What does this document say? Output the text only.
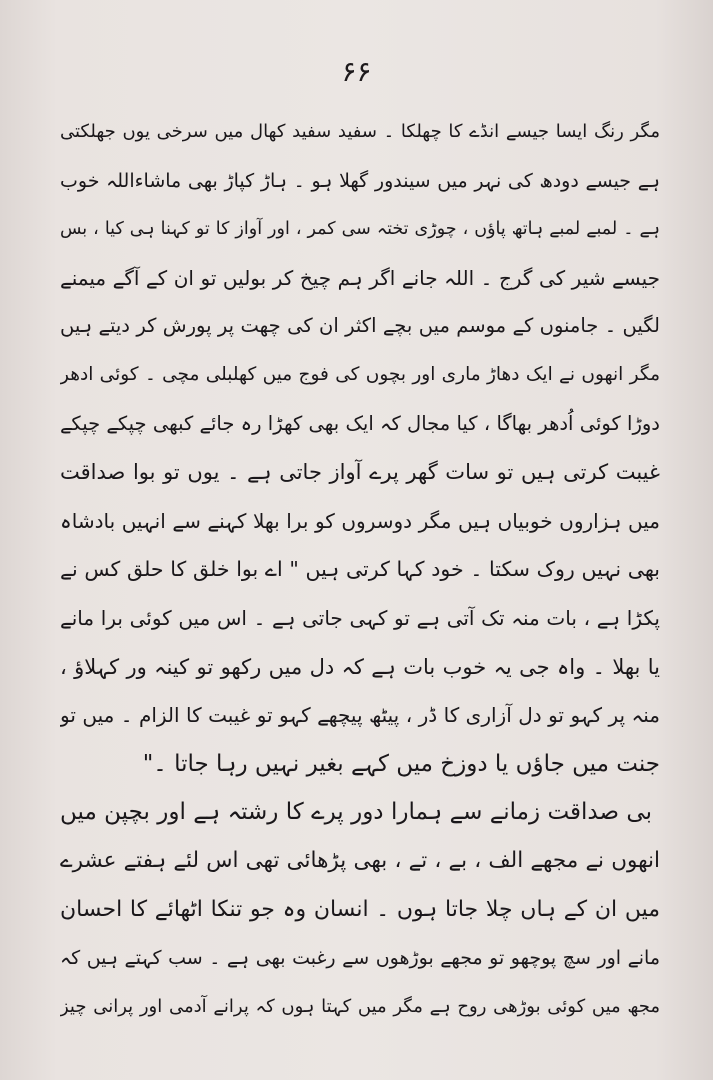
۶۶
مگر رنگ ایسا جیسے انڈے کا چھلکا ۔ سفید سفید کھال میں سرخی یوں جھلکتی
ہے جیسے دودھ کی نہر میں سیندور گھلا ہو ۔ ہاڑ کپاڑ بھی ماشاءاللہ خوب
ہے ۔ لمبے لمبے ہاتھ پاؤں ، چوڑی تختہ سی کمر ، اور آواز کا تو کہنا ہی کیا ، بس
جیسے شیر کی گرج ۔ اللہ جانے اگر ہم چیخ کر بولیں تو ان کے آگے میمنے
لگیں ۔ جامنوں کے موسم میں بچے اکثر ان کی چھت پر پورش کر دیتے ہیں
مگر انھوں نے ایک دھاڑ ماری اور بچوں کی فوج میں کھلبلی مچی ۔ کوئی ادھر
دوڑا کوئی اُدھر بھاگا ، کیا مجال کہ ایک بھی کھڑا رہ جائے کبھی چپکے چپکے
غیبت کرتی ہیں تو سات گھر پرے آواز جاتی ہے ۔ یوں تو بوا صداقت
میں ہزاروں خوبیاں ہیں مگر دوسروں کو برا بھلا کہنے سے انہیں بادشاہ
بھی نہیں روک سکتا ۔ خود کہا کرتی ہیں " اے بوا خلق کا حلق کس نے
پکڑا ہے ، بات منہ تک آتی ہے تو کہی جاتی ہے ۔ اس میں کوئی برا مانے
یا بھلا ۔ واہ جی یہ خوب بات ہے کہ دل میں رکھو تو کینہ ور کہلاؤ ،
منہ پر کہو تو دل آزاری کا ڈر ، پیٹھ پیچھے کہو تو غیبت کا الزام ۔ میں تو
جنت میں جاؤں یا دوزخ میں کہے بغیر نہیں رہا جاتا ۔"
بی صداقت زمانے سے ہمارا دور پرے کا رشتہ ہے اور بچپن میں
انھوں نے مجھے الف ، بے ، تے ، بھی پڑھائی تھی اس لئے ہفتے عشرے
میں ان کے ہاں چلا جاتا ہوں ۔ انسان وہ جو تنکا اٹھائے کا احسان
مانے اور سچ پوچھو تو مجھے بوڑھوں سے رغبت بھی ہے ۔ سب کہتے ہیں کہ
مجھ میں کوئی بوڑھی روح ہے مگر میں کہتا ہوں کہ پرانے آدمی اور پرانی چیز
